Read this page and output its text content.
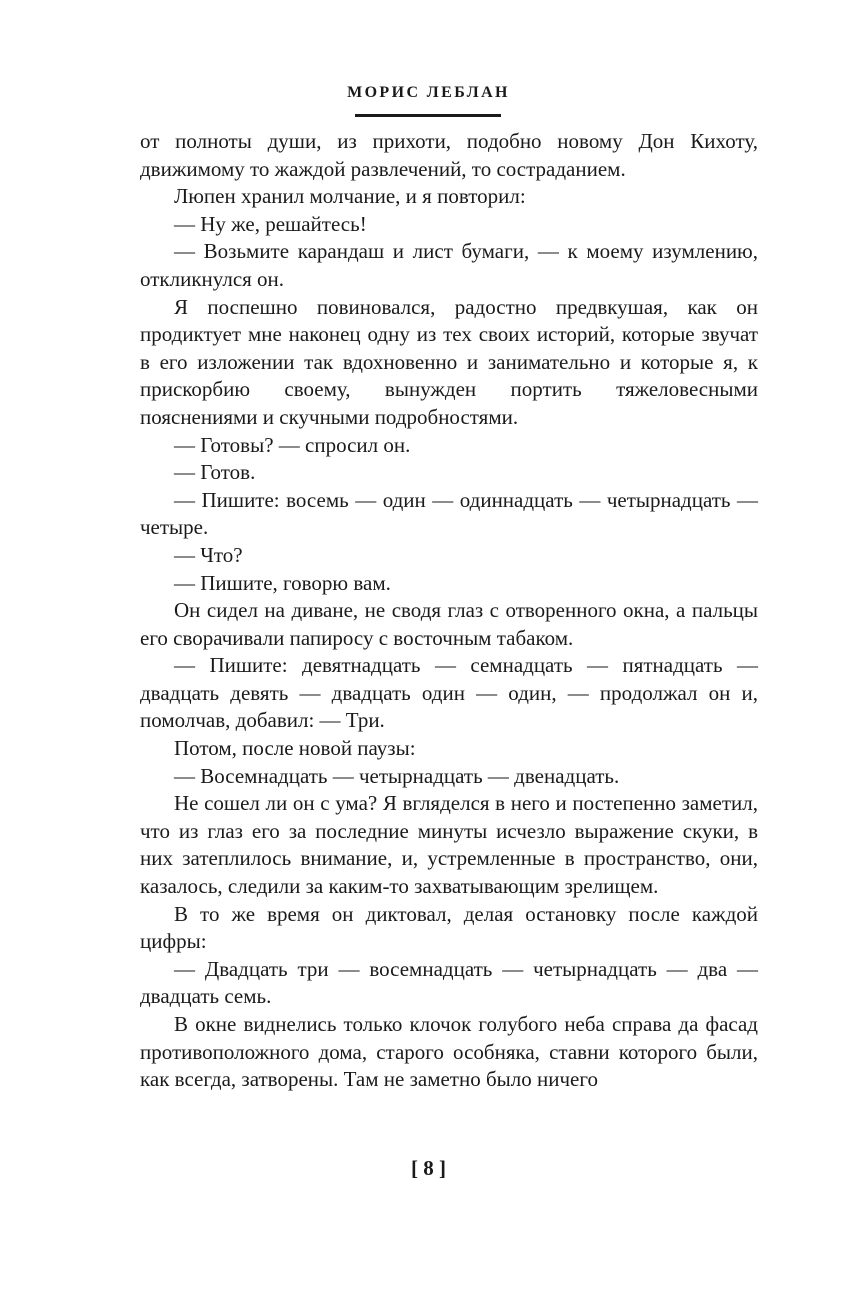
МОРИС ЛЕБЛАН

от полноты души, из прихоти, подобно новому Дон Кихоту, движимому то жаждой развлечений, то состраданием.

Люпен хранил молчание, и я повторил:

— Ну же, решайтесь!

— Возьмите карандаш и лист бумаги, — к моему изумлению, откликнулся он.

Я поспешно повиновался, радостно предвкушая, как он продиктует мне наконец одну из тех своих историй, которые звучат в его изложении так вдохновенно и занимательно и которые я, к прискорбию своему, вынужден портить тяжеловесными пояснениями и скучными подробностями.

— Готовы? — спросил он.

— Готов.

— Пишите: восемь — один — одиннадцать — четырнадцать — четыре.

— Что?

— Пишите, говорю вам.

Он сидел на диване, не сводя глаз с отворенного окна, а пальцы его сворачивали папиросу с восточным табаком.

— Пишите: девятнадцать — семнадцать — пятнадцать — двадцать девять — двадцать один — один, — продолжал он и, помолчав, добавил: — Три.

Потом, после новой паузы:

— Восемнадцать — четырнадцать — двенадцать.

Не сошел ли он с ума? Я вгляделся в него и постепенно заметил, что из глаз его за последние минуты исчезло выражение скуки, в них затеплилось внимание, и, устремленные в пространство, они, казалось, следили за каким-то захватывающим зрелищем.

В то же время он диктовал, делая остановку после каждой цифры:

— Двадцать три — восемнадцать — четырнадцать — два — двадцать семь.

В окне виднелись только клочок голубого неба справа да фасад противоположного дома, старого особняка, ставни которого были, как всегда, затворены. Там не заметно было ничего

[ 8 ]
